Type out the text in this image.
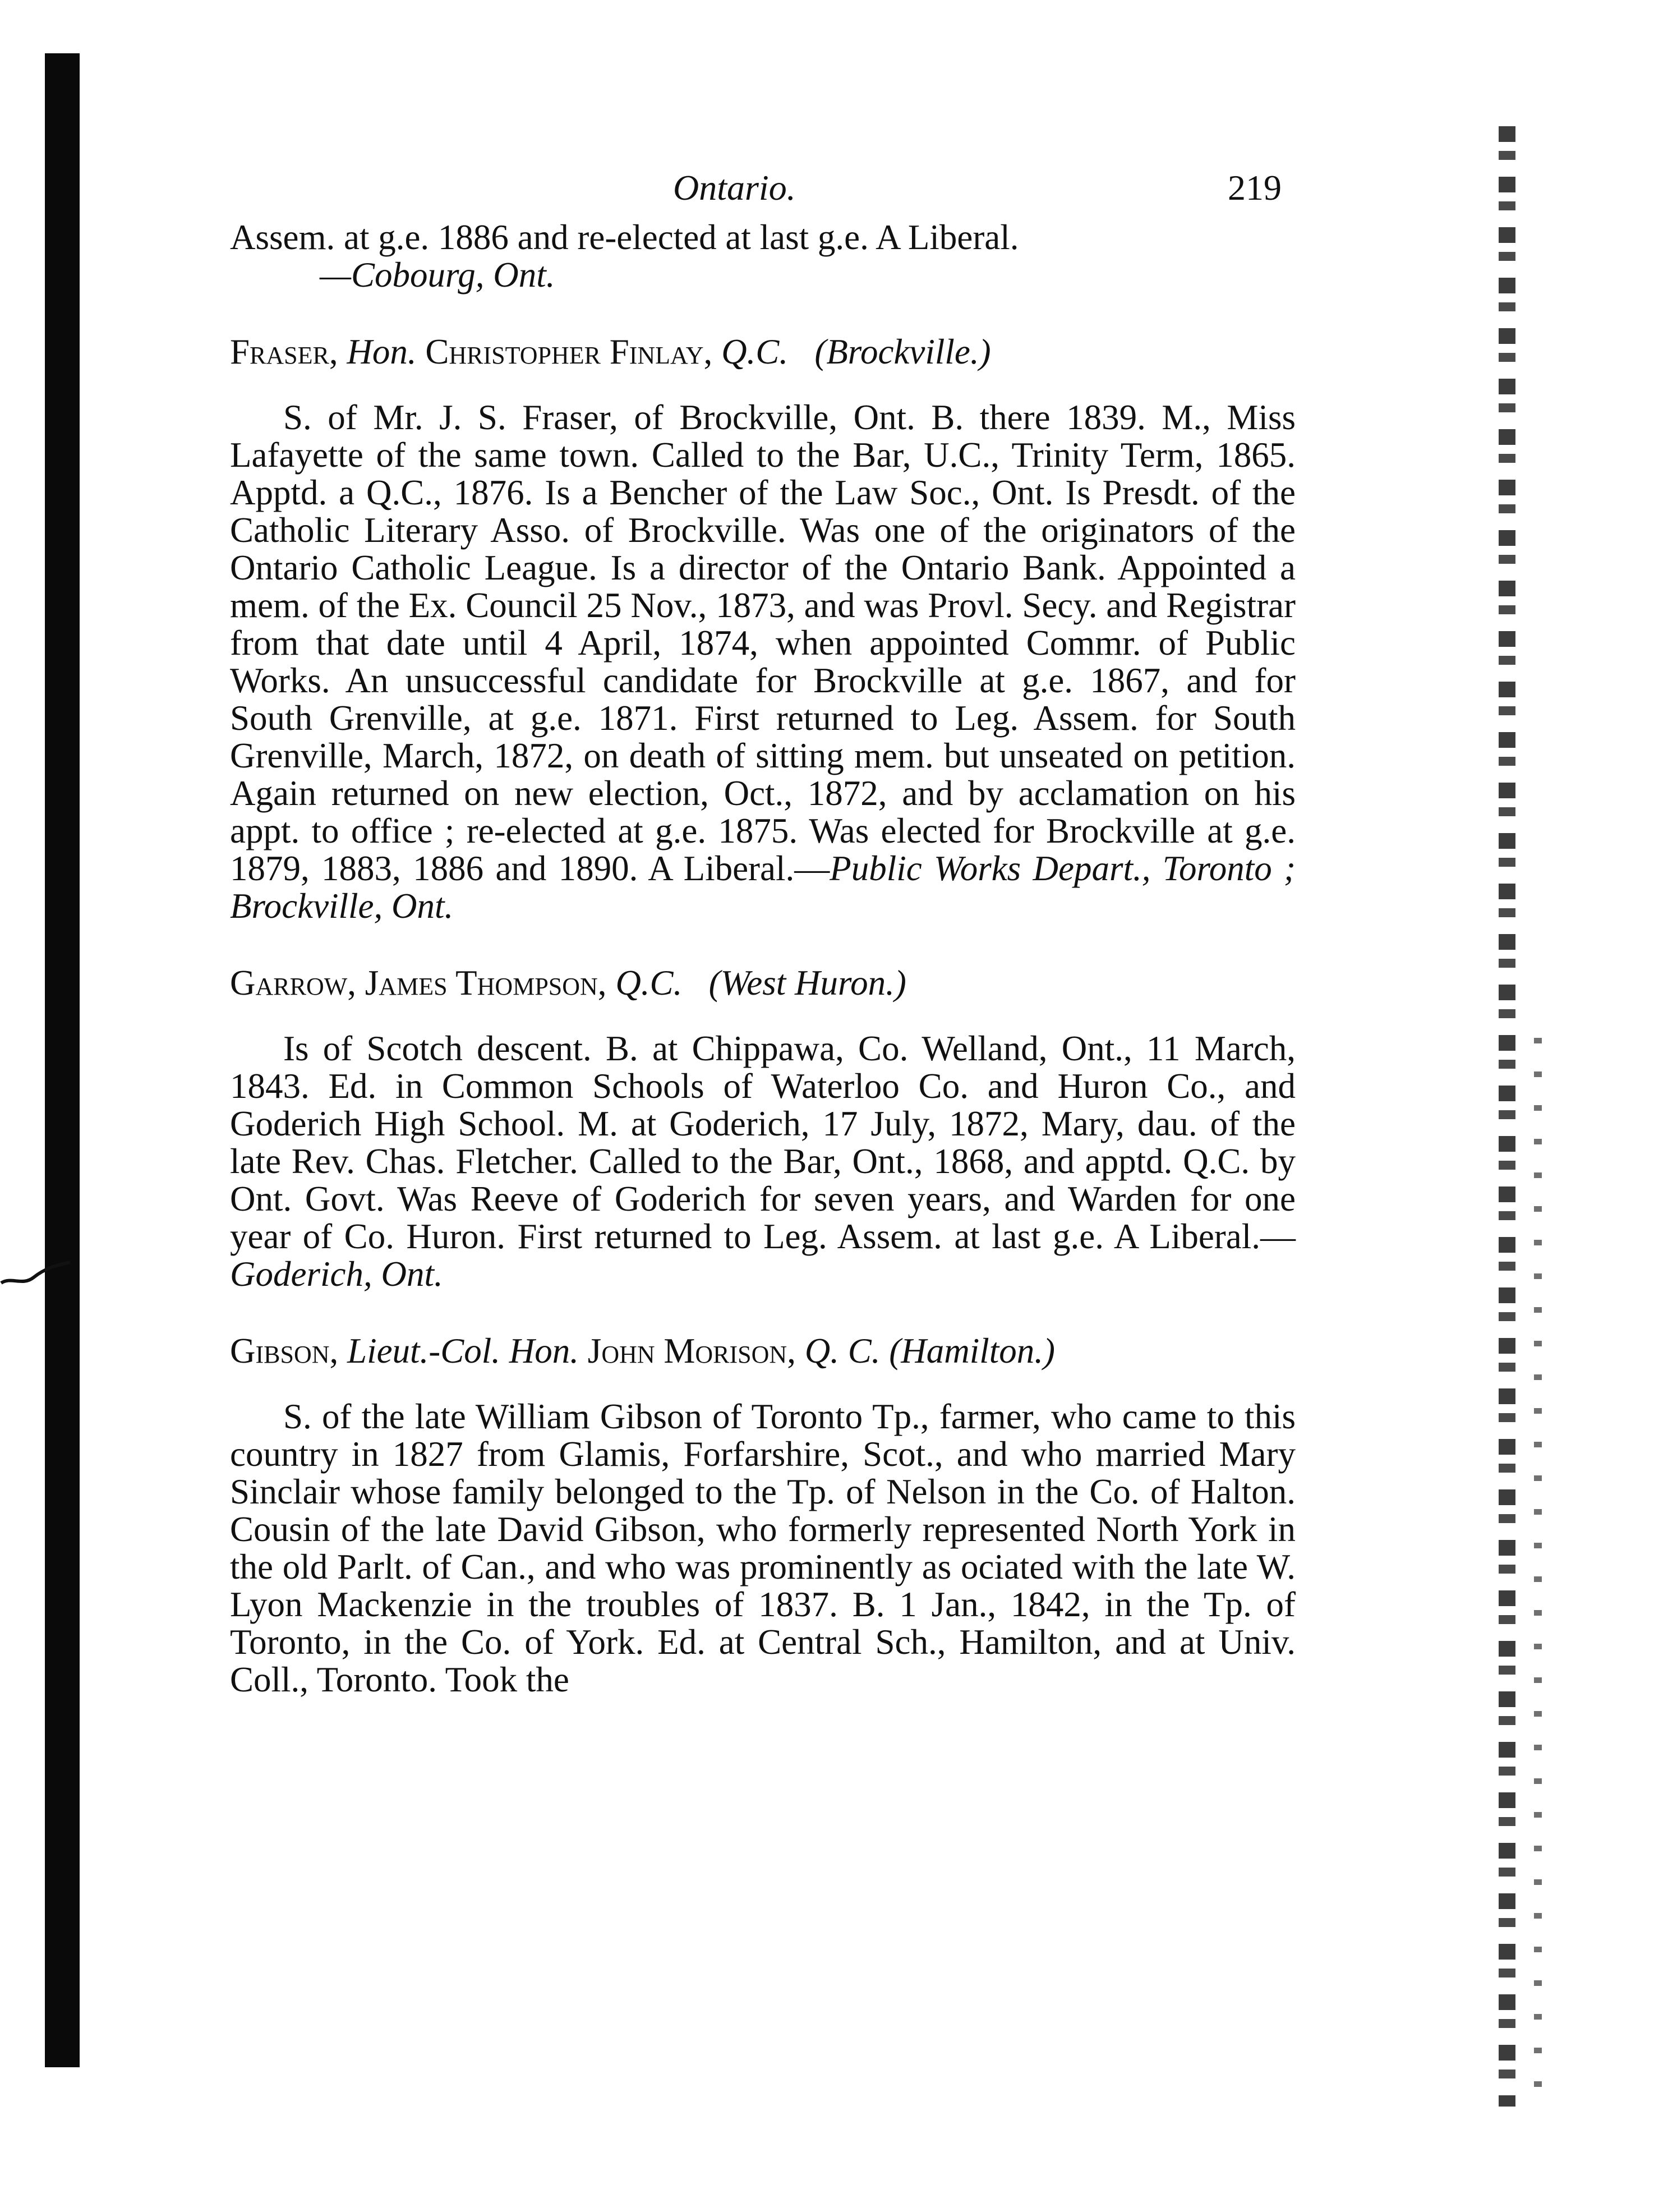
Ontario.	219

Assem. at g.e. 1886 and re-elected at last g.e. A Liberal.
—Cobourg, Ont.

Fraser, Hon. Christopher Finlay, Q.C. (Brockville.)

S. of Mr. J. S. Fraser, of Brockville, Ont. B. there 1839. M., Miss Lafayette of the same town. Called to the Bar, U.C., Trinity Term, 1865. Apptd. a Q.C., 1876. Is a Bencher of the Law Soc., Ont. Is Presdt. of the Catholic Literary Asso. of Brockville. Was one of the originators of the Ontario Catholic League. Is a director of the Ontario Bank. Appointed a mem. of the Ex. Council 25 Nov., 1873, and was Provl. Secy. and Registrar from that date until 4 April, 1874, when appointed Commr. of Public Works. An unsuccessful candidate for Brockville at g.e. 1867, and for South Grenville, at g.e. 1871. First returned to Leg. Assem. for South Grenville, March, 1872, on death of sitting mem. but unseated on petition. Again returned on new election, Oct., 1872, and by acclamation on his appt. to office ; re-elected at g.e. 1875. Was elected for Brockville at g.e. 1879, 1883, 1886 and 1890. A Liberal.—Public Works Depart., Toronto ; Brockville, Ont.

Garrow, James Thompson, Q.C. (West Huron.)

Is of Scotch descent. B. at Chippawa, Co. Welland, Ont., 11 March, 1843. Ed. in Common Schools of Waterloo Co. and Huron Co., and Goderich High School. M. at Goderich, 17 July, 1872, Mary, dau. of the late Rev. Chas. Fletcher. Called to the Bar, Ont., 1868, and apptd. Q.C. by Ont. Govt. Was Reeve of Goderich for seven years, and Warden for one year of Co. Huron. First returned to Leg. Assem. at last g.e. A Liberal.—Goderich, Ont.

Gibson, Lieut.-Col. Hon. John Morison, Q. C. (Hamilton.)

S. of the late William Gibson of Toronto Tp., farmer, who came to this country in 1827 from Glamis, Forfarshire, Scot., and who married Mary Sinclair whose family belonged to the Tp. of Nelson in the Co. of Halton. Cousin of the late David Gibson, who formerly represented North York in the old Parlt. of Can., and who was prominently as ociated with the late W. Lyon Mackenzie in the troubles of 1837. B. 1 Jan., 1842, in the Tp. of Toronto, in the Co. of York. Ed. at Central Sch., Hamilton, and at Univ. Coll., Toronto. Took the
